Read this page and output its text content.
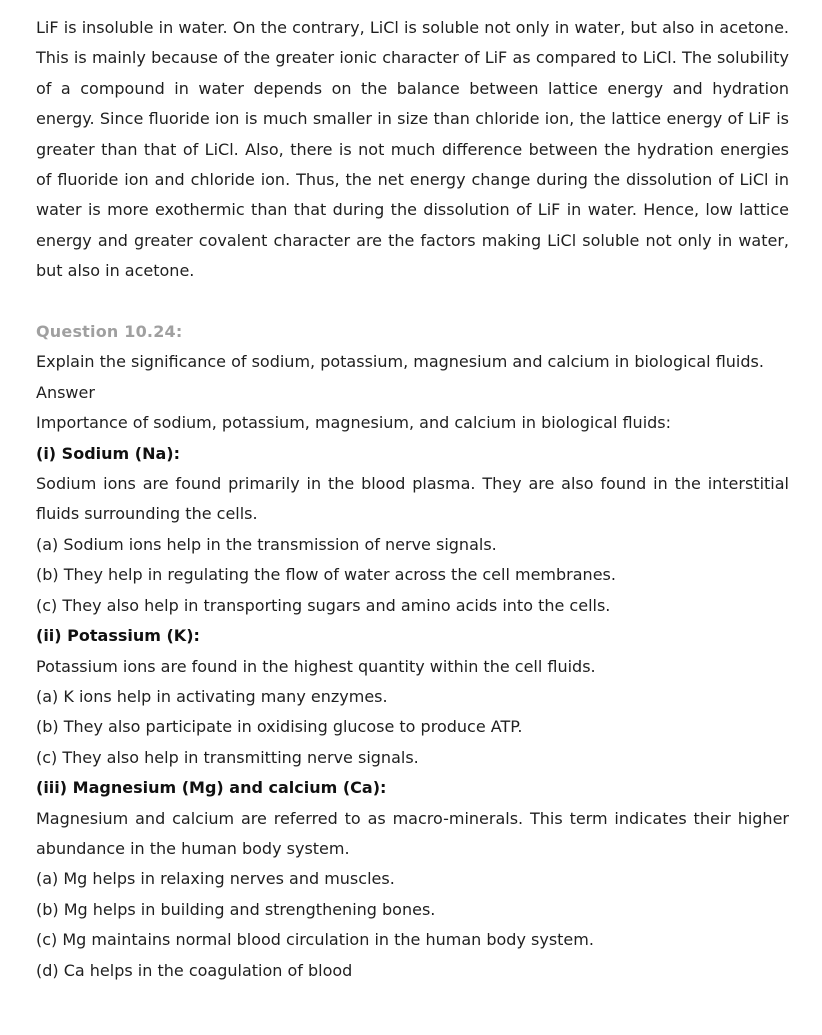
LiF is insoluble in water. On the contrary, LiCl is soluble not only in water, but also in acetone. This is mainly because of the greater ionic character of LiF as compared to LiCl. The solubility of a compound in water depends on the balance between lattice energy and hydration energy. Since fluoride ion is much smaller in size than chloride ion, the lattice energy of LiF is greater than that of LiCl. Also, there is not much difference between the hydration energies of fluoride ion and chloride ion. Thus, the net energy change during the dissolution of LiCl in water is more exothermic than that during the dissolution of LiF in water. Hence, low lattice energy and greater covalent character are the factors making LiCl soluble not only in water, but also in acetone.

Question 10.24:

Explain the significance of sodium, potassium, magnesium and calcium in biological fluids.

Answer
Importance of sodium, potassium, magnesium, and calcium in biological fluids:
(i) Sodium (Na):

Sodium ions are found primarily in the blood plasma. They are also found in the interstitial fluids surrounding the cells.

(a) Sodium ions help in the transmission of nerve signals.
(b) They help in regulating the flow of water across the cell membranes.
(c) They also help in transporting sugars and amino acids into the cells.
(ii) Potassium (K):
Potassium ions are found in the highest quantity within the cell fluids.
(a) K ions help in activating many enzymes.
(b) They also participate in oxidising glucose to produce ATP.
(c) They also help in transmitting nerve signals.
(iii) Magnesium (Mg) and calcium (Ca):

Magnesium and calcium are referred to as macro-minerals. This term indicates their higher abundance in the human body system.

(a) Mg helps in relaxing nerves and muscles.
(b) Mg helps in building and strengthening bones.
(c) Mg maintains normal blood circulation in the human body system.
(d) Ca helps in the coagulation of blood
